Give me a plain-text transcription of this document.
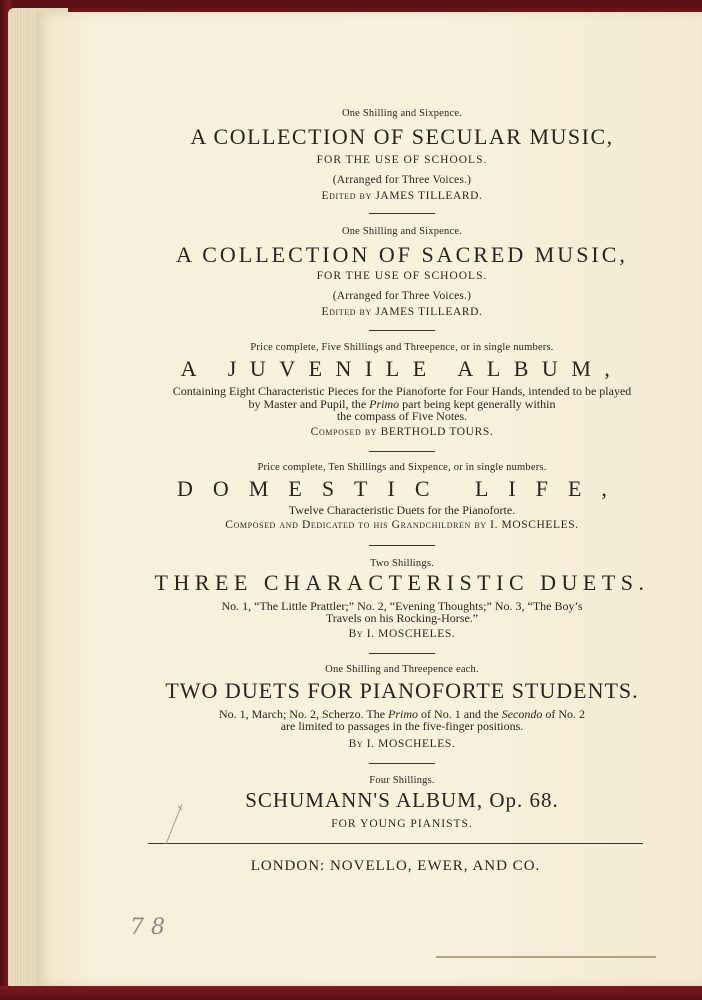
One Shilling and Sixpence.
A COLLECTION OF SECULAR MUSIC,
FOR THE USE OF SCHOOLS.
(Arranged for Three Voices.)
Edited by JAMES TILLEARD.
One Shilling and Sixpence.
A COLLECTION OF SACRED MUSIC,
FOR THE USE OF SCHOOLS.
(Arranged for Three Voices.)
Edited by JAMES TILLEARD.
Price complete, Five Shillings and Threepence, or in single numbers.
A JUVENILE ALBUM,
Containing Eight Characteristic Pieces for the Pianoforte for Four Hands, intended to be played
by Master and Pupil, the Primo part being kept generally within
the compass of Five Notes.
Composed by BERTHOLD TOURS.
Price complete, Ten Shillings and Sixpence, or in single numbers.
DOMESTIC LIFE,
Twelve Characteristic Duets for the Pianoforte.
Composed and Dedicated to his Grandchildren by I. MOSCHELES.
Two Shillings.
THREE CHARACTERISTIC DUETS.
No. 1, “The Little Prattler;” No. 2, “Evening Thoughts;” No. 3, “The Boy’s
Travels on his Rocking-Horse.”
By I. MOSCHELES.
One Shilling and Threepence each.
TWO DUETS FOR PIANOFORTE STUDENTS.
No. 1, March; No. 2, Scherzo. The Primo of No. 1 and the Secondo of No. 2
are limited to passages in the five-finger positions.
By I. MOSCHELES.
Four Shillings.
SCHUMANN'S ALBUM, Op. 68.
FOR YOUNG PIANISTS.
LONDON: NOVELLO, EWER, AND CO.
7 8
